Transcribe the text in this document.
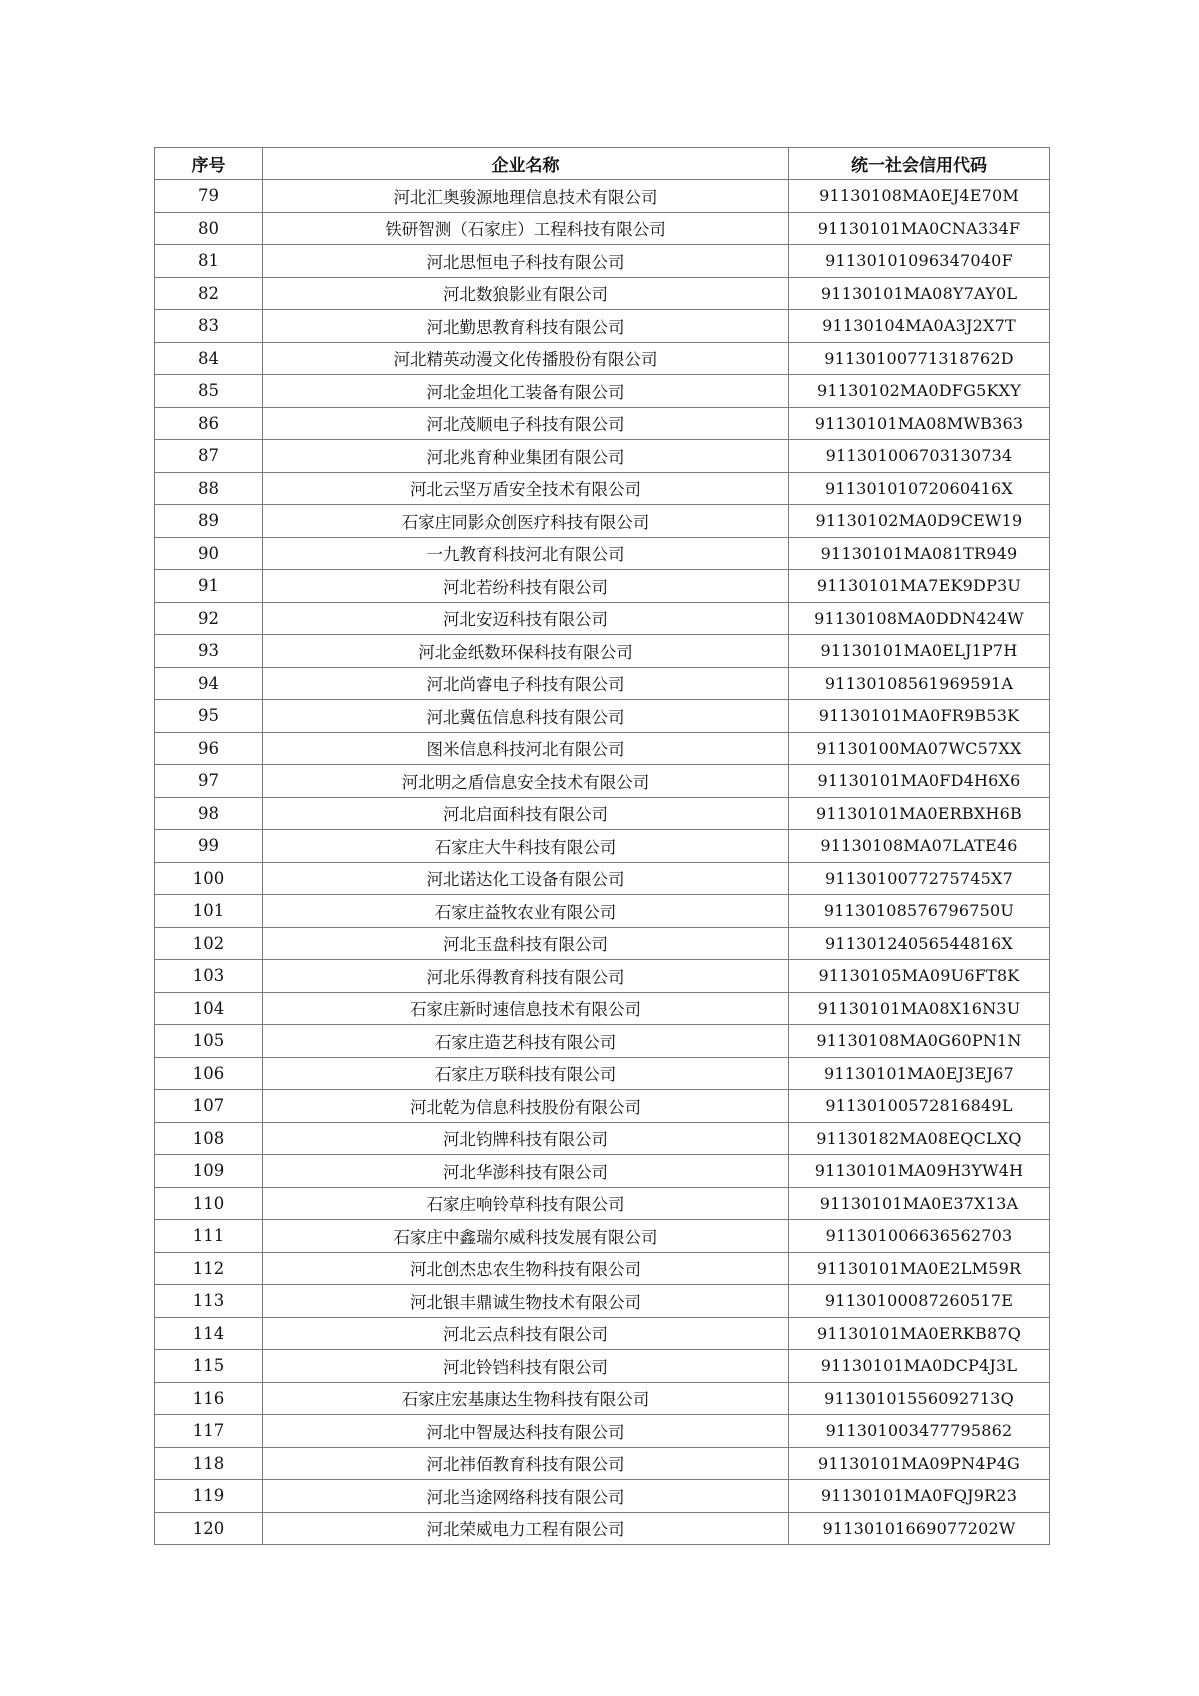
序号	企业名称	统一社会信用代码
79	河北汇奥骏源地理信息技术有限公司	91130108MA0EJ4E70M
80	铁研智测（石家庄）工程科技有限公司	91130101MA0CNA334F
81	河北思恒电子科技有限公司	91130101096347040F
82	河北数狼影业有限公司	91130101MA08Y7AY0L
83	河北勤思教育科技有限公司	91130104MA0A3J2X7T
84	河北精英动漫文化传播股份有限公司	91130100771318762D
85	河北金坦化工装备有限公司	91130102MA0DFG5KXY
86	河北茂顺电子科技有限公司	91130101MA08MWB363
87	河北兆育种业集团有限公司	911301006703130734
88	河北云坚万盾安全技术有限公司	91130101072060416X
89	石家庄同影众创医疗科技有限公司	91130102MA0D9CEW19
90	一九教育科技河北有限公司	91130101MA081TR949
91	河北若纷科技有限公司	91130101MA7EK9DP3U
92	河北安迈科技有限公司	91130108MA0DDN424W
93	河北金纸数环保科技有限公司	91130101MA0ELJ1P7H
94	河北尚睿电子科技有限公司	91130108561969591A
95	河北冀伍信息科技有限公司	91130101MA0FR9B53K
96	图米信息科技河北有限公司	91130100MA07WC57XX
97	河北明之盾信息安全技术有限公司	91130101MA0FD4H6X6
98	河北启面科技有限公司	91130101MA0ERBXH6B
99	石家庄大牛科技有限公司	91130108MA07LATE46
100	河北诺达化工设备有限公司	9113010077275745X7
101	石家庄益牧农业有限公司	91130108576796750U
102	河北玉盘科技有限公司	91130124056544816X
103	河北乐得教育科技有限公司	91130105MA09U6FT8K
104	石家庄新时速信息技术有限公司	91130101MA08X16N3U
105	石家庄造艺科技有限公司	91130108MA0G60PN1N
106	石家庄万联科技有限公司	91130101MA0EJ3EJ67
107	河北乾为信息科技股份有限公司	91130100572816849L
108	河北钧牌科技有限公司	91130182MA08EQCLXQ
109	河北华澎科技有限公司	91130101MA09H3YW4H
110	石家庄响铃草科技有限公司	91130101MA0E37X13A
111	石家庄中鑫瑞尔威科技发展有限公司	911301006636562703
112	河北创杰忠农生物科技有限公司	91130101MA0E2LM59R
113	河北银丰鼎诚生物技术有限公司	91130100087260517E
114	河北云点科技有限公司	91130101MA0ERKB87Q
115	河北铃铛科技有限公司	91130101MA0DCP4J3L
116	石家庄宏基康达生物科技有限公司	91130101556092713Q
117	河北中智晟达科技有限公司	911301003477795862
118	河北祎佰教育科技有限公司	91130101MA09PN4P4G
119	河北当途网络科技有限公司	91130101MA0FQJ9R23
120	河北荣威电力工程有限公司	91130101669077202W
